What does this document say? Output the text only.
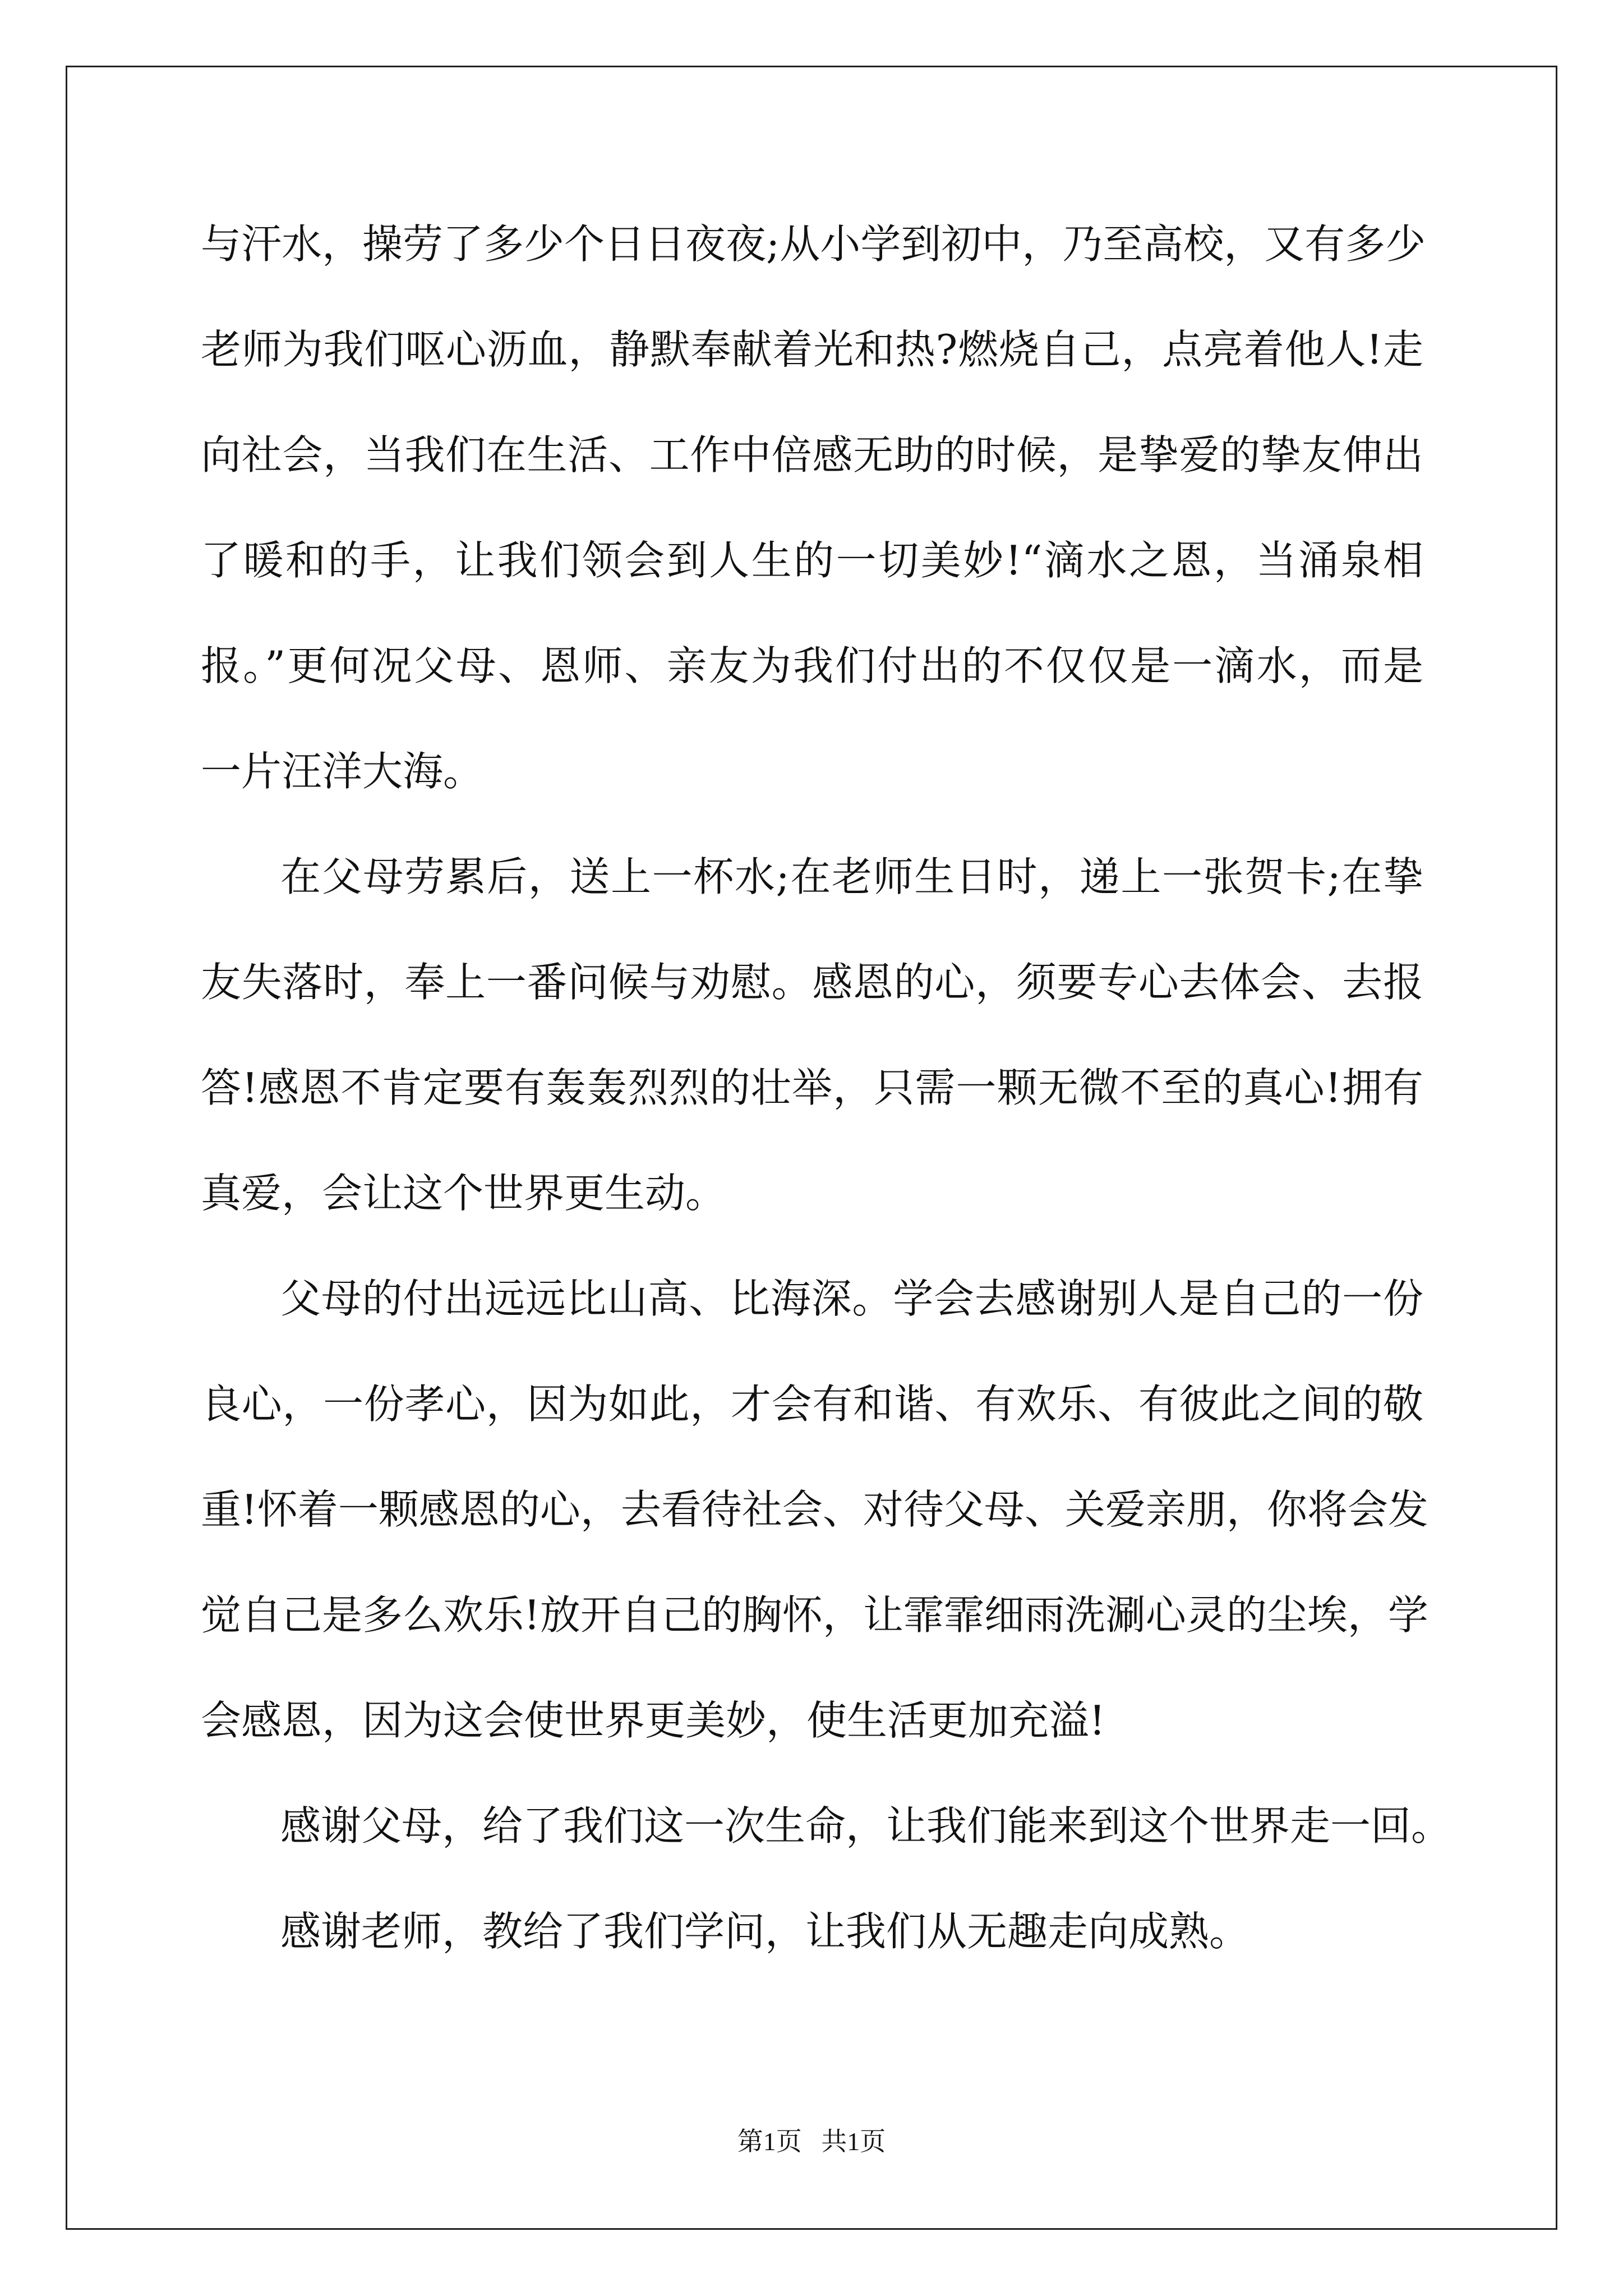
与汗水，操劳了多少个日日夜夜;从小学到初中，乃至高校，又有多少
老师为我们呕心沥血，静默奉献着光和热?燃烧自己，点亮着他人!走
向社会，当我们在生活、工作中倍感无助的时候，是挚爱的挚友伸出
了暖和的手，让我们领会到人生的一切美妙!“滴水之恩，当涌泉相
报。”更何况父母、恩师、亲友为我们付出的不仅仅是一滴水，而是
一片汪洋大海。
在父母劳累后，送上一杯水;在老师生日时，递上一张贺卡;在挚
友失落时，奉上一番问候与劝慰。感恩的心，须要专心去体会、去报
答!感恩不肯定要有轰轰烈烈的壮举，只需一颗无微不至的真心!拥有
真爱，会让这个世界更生动。
父母的付出远远比山高、比海深。学会去感谢别人是自己的一份
良心，一份孝心，因为如此，才会有和谐、有欢乐、有彼此之间的敬
重!怀着一颗感恩的心，去看待社会、对待父母、关爱亲朋，你将会发
觉自己是多么欢乐!放开自己的胸怀，让霏霏细雨洗涮心灵的尘埃，学
会感恩，因为这会使世界更美妙，使生活更加充溢!
感谢父母，给了我们这一次生命，让我们能来到这个世界走一回。
感谢老师，教给了我们学问，让我们从无趣走向成熟。
第1页 共1页
